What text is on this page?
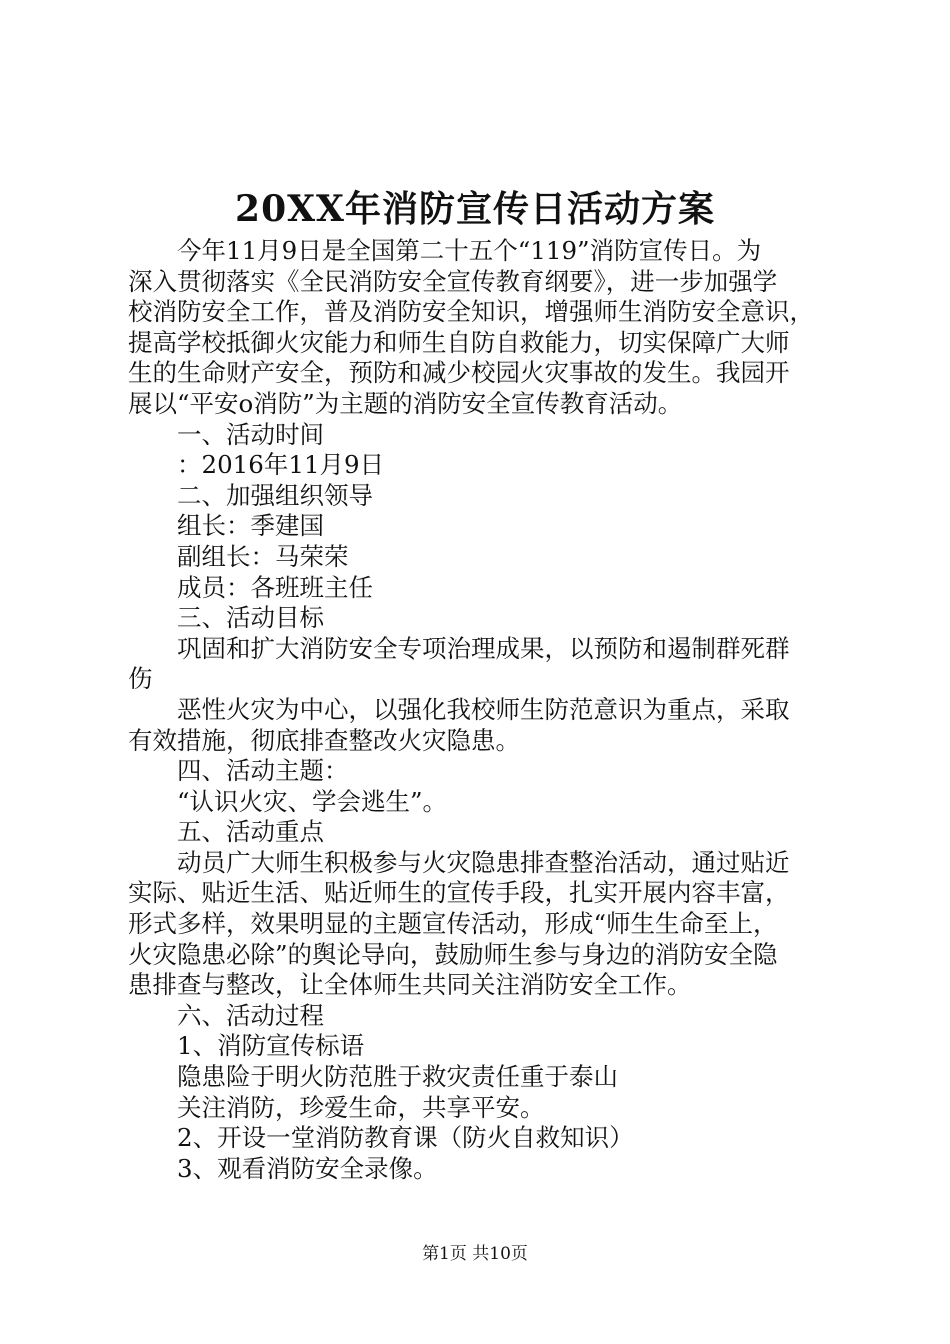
20XX年消防宣传日活动方案

　　今年11月9日是全国第二十五个“119”消防宣传日。为

深入贯彻落实《全民消防安全宣传教育纲要》，进一步加强学

校消防安全工作，普及消防安全知识，增强师生消防安全意识，

提高学校抵御火灾能力和师生自防自救能力，切实保障广大师

生的生命财产安全，预防和减少校园火灾事故的发生。我园开

展以“平安o消防”为主题的消防安全宣传教育活动。

　　一、活动时间

　　：2016年11月9日

　　二、加强组织领导

　　组长：季建国

　　副组长：马荣荣

　　成员：各班班主任

　　三、活动目标

　　巩固和扩大消防安全专项治理成果，以预防和遏制群死群

伤

　　恶性火灾为中心，以强化我校师生防范意识为重点，采取

有效措施，彻底排查整改火灾隐患。

　　四、活动主题：

　　“认识火灾、学会逃生”。

　　五、活动重点

　　动员广大师生积极参与火灾隐患排查整治活动，通过贴近

实际、贴近生活、贴近师生的宣传手段，扎实开展内容丰富，

形式多样，效果明显的主题宣传活动，形成“师生生命至上，

火灾隐患必除”的舆论导向，鼓励师生参与身边的消防安全隐

患排查与整改，让全体师生共同关注消防安全工作。

　　六、活动过程

　　1、消防宣传标语

　　隐患险于明火防范胜于救灾责任重于泰山

　　关注消防，珍爱生命，共享平安。

　　2、开设一堂消防教育课（防火自救知识）

　　3、观看消防安全录像。

第1页 共10页
